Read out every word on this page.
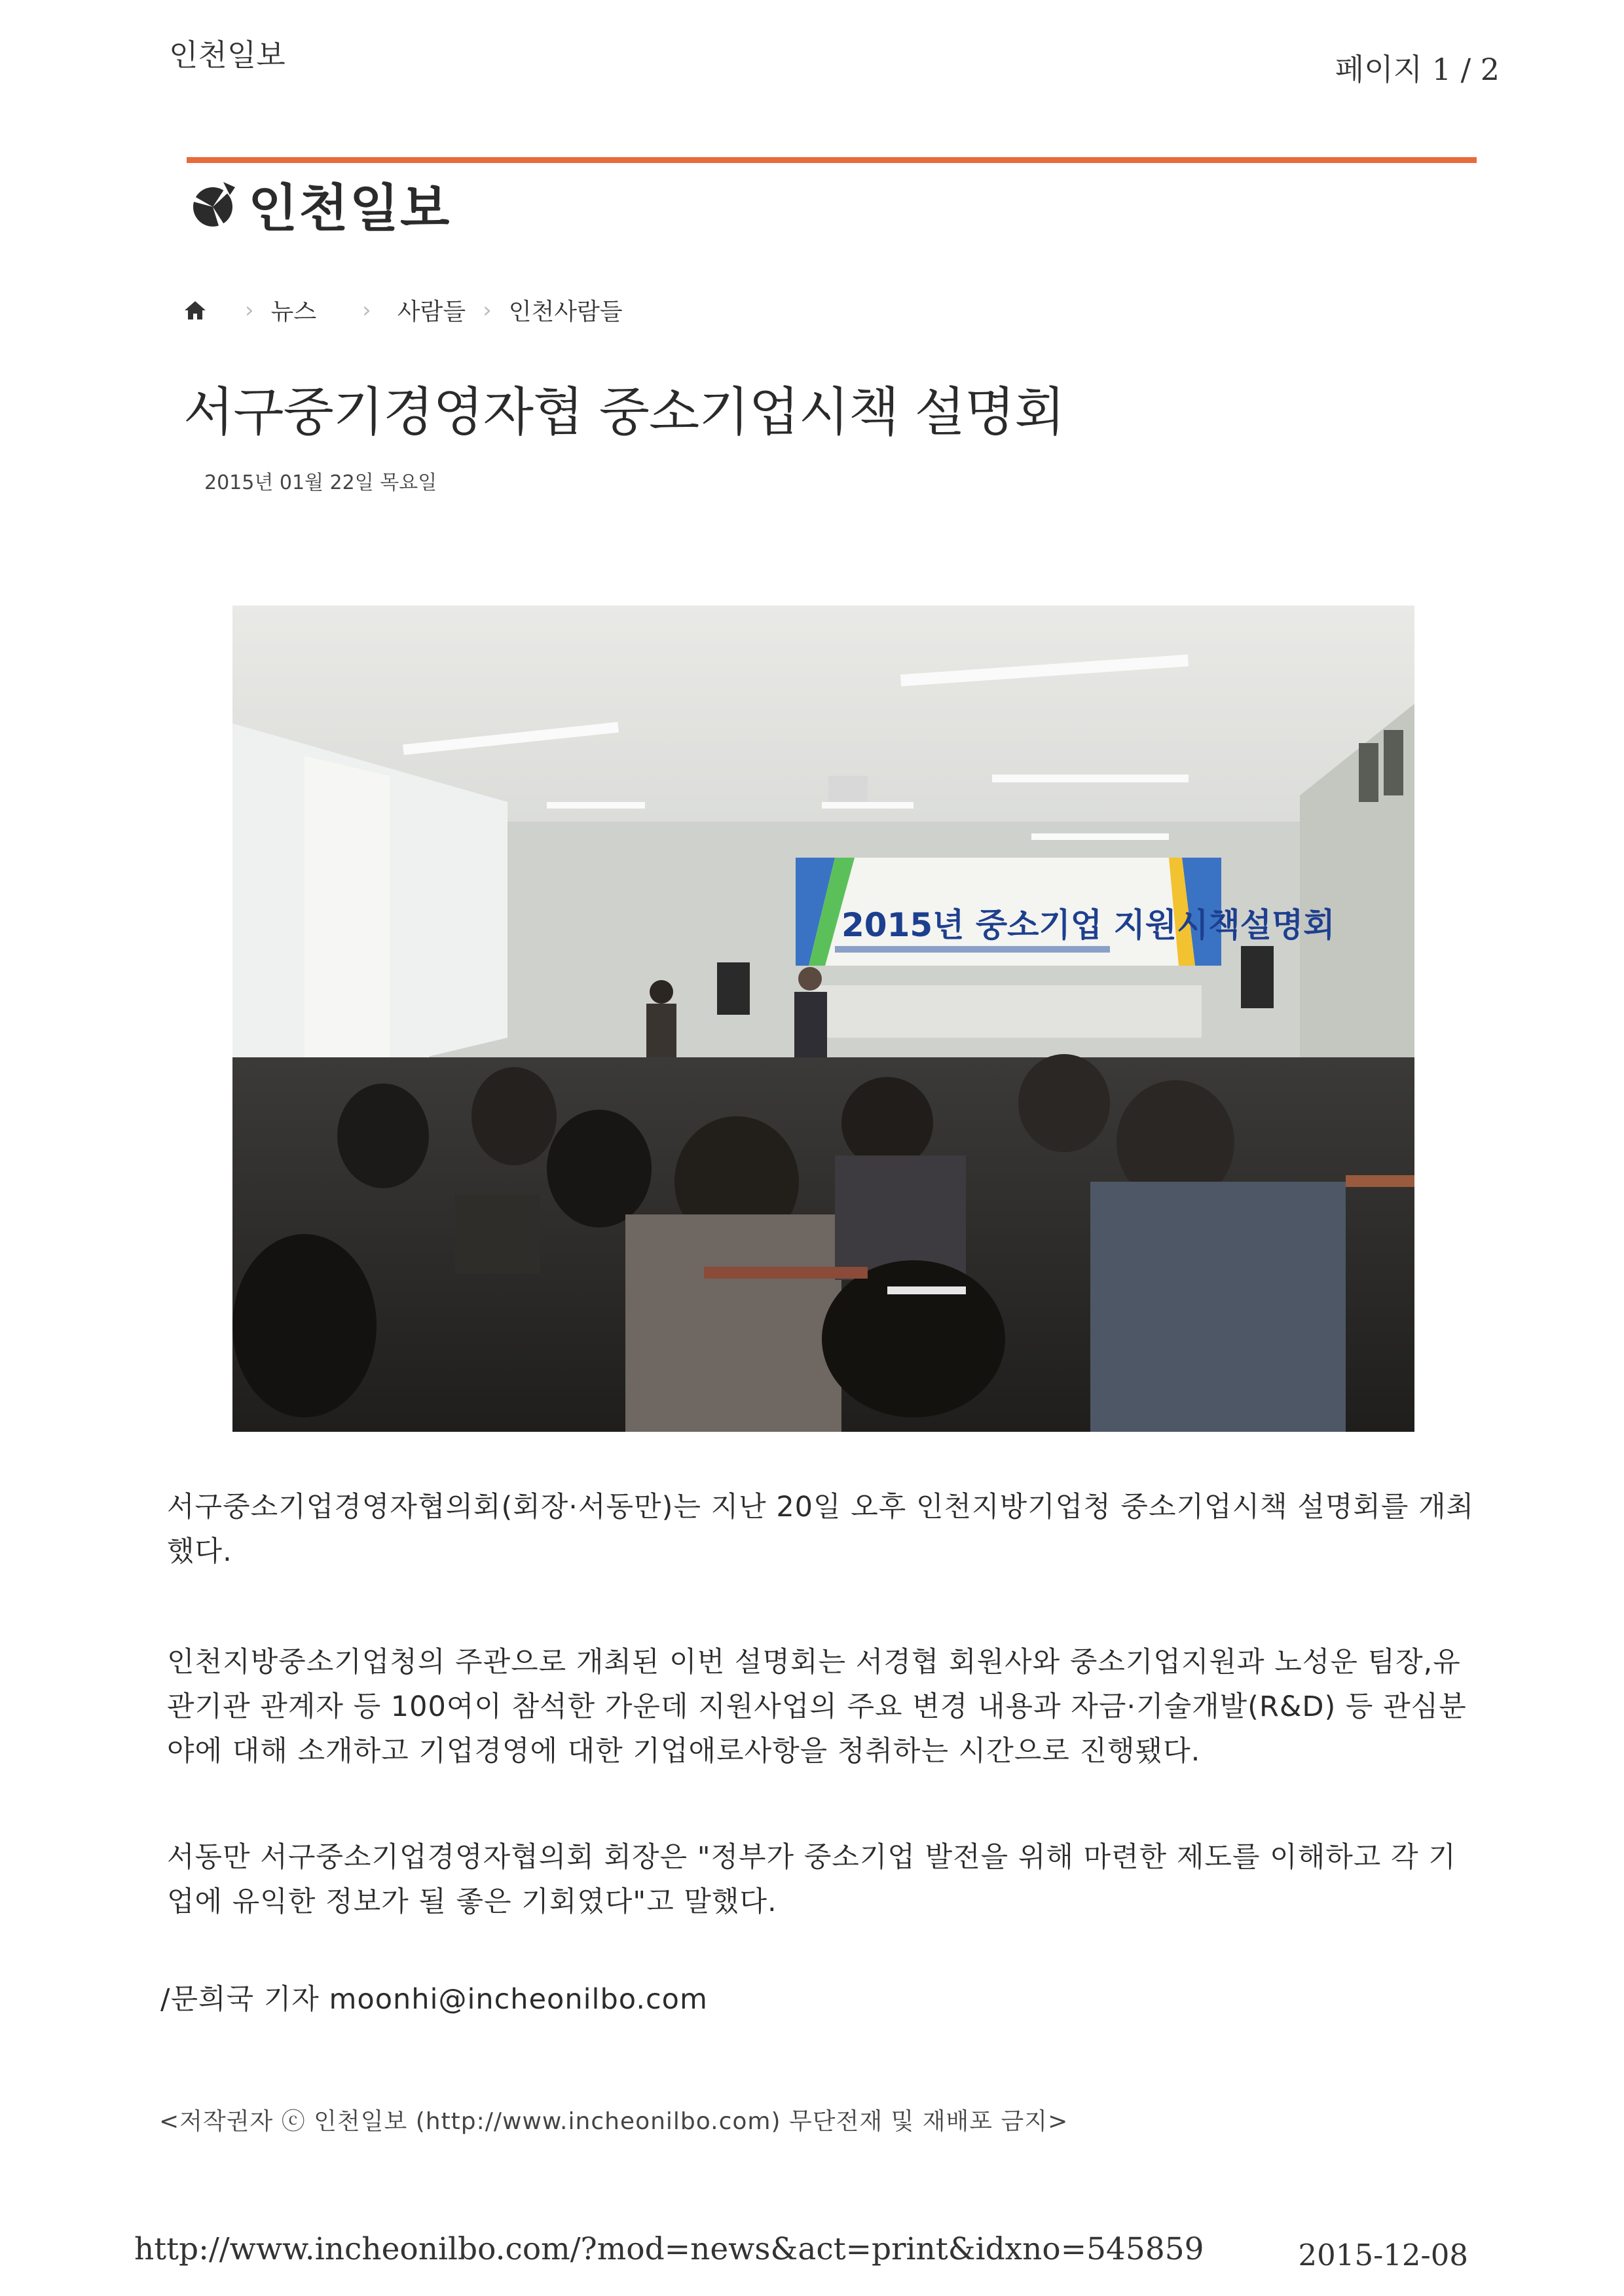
인천일보	페이지 1 / 2
인천일보
› 뉴스 › 사람들 › 인천사람들
서구중기경영자협 중소기업시책 설명회
2015년 01월 22일 목요일
2015년 중소기업 지원시책설명회
서구중소기업경영자협의회(회장·서동만)는 지난 20일 오후 인천지방기업청 중소기업시책 설명회를 개최했다.
인천지방중소기업청의 주관으로 개최된 이번 설명회는 서경협 회원사와 중소기업지원과 노성운 팀장,유관기관 관계자 등 100여이 참석한 가운데 지원사업의 주요 변경 내용과 자금·기술개발(R&D) 등 관심분야에 대해 소개하고 기업경영에 대한 기업애로사항을 청취하는 시간으로 진행됐다.
서동만 서구중소기업경영자협의회 회장은 "정부가 중소기업 발전을 위해 마련한 제도를 이해하고 각 기업에 유익한 정보가 될 좋은 기회였다"고 말했다.
/문희국 기자 moonhi@incheonilbo.com
<저작권자 ⓒ 인천일보 (http://www.incheonilbo.com) 무단전재 및 재배포 금지>
http://www.incheonilbo.com/?mod=news&act=print&idxno=545859	2015-12-08
